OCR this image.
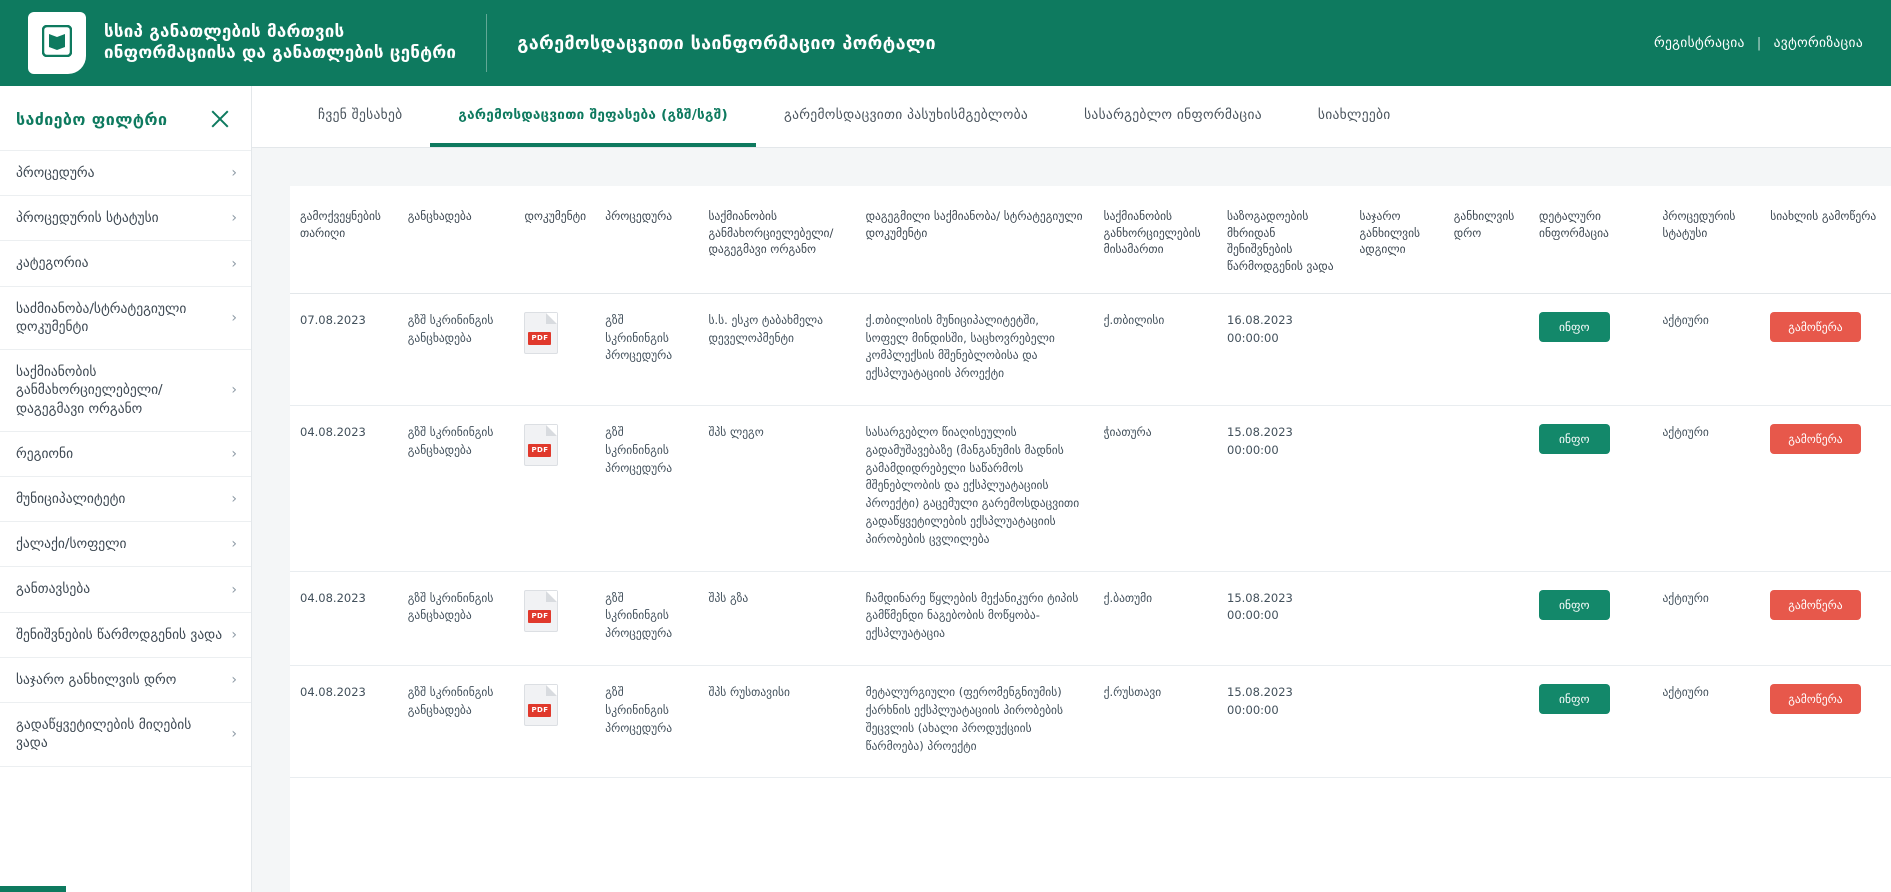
სსიპ განათლების მართვის
ინფორმაციისა და განათლების ცენტრი	გარემოსდაცვითი საინფორმაციო პორტალი	რეგისტრაცია | ავტორიზაცია
საძიებო ფილტრი
პროცედურა	›
პროცედურის სტატუსი	›
კატეგორია	›
საძმიანობა/სტრატეგიული დოკუმენტი
›
საქმიანობის განმახორციელებელი/დაგეგმავი ორგანო
›
რეგიონი	›
მუნიციპალიტეტი	›
ქალაქი/სოფელი	›
განთავსება	›
შენიშვნების წარმოდგენის ვადა ›
საჯარო განხილვის დრო	›
გადაწყვეტილების მიღების ვადა
›
ჩვენ შესახებ	გარემოსდაცვითი შეფასება (გზშ/სგშ)	გარემოსდაცვითი პასუხისმგებლობა	სასარგებლო ინფორმაცია	სიახლეები
გამოქვეყნების თარიღი	განცხადება	დოკუმენტი	პროცედურა	საქმიანობის განმახორციელებელი/ დაგეგმავი ორგანო	დაგეგმილი საქმიანობა/ სტრატეგიული დოკუმენტი	საქმიანობის განხორციელების მისამართი	საზოგადოების მხრიდან შენიშვნების წარმოდგენის ვადა	საჯარო განხილვის ადგილი	განხილვის დრო	დეტალური ინფორმაცია	პროცედურის სტატუსი	სიახლის გამოწერა
07.08.2023	გზშ სკრინინგის განცხადება	PDF	გზშ სკრინინგის პროცედურა	ს.ს. ესკო ტაბახმელა დეველოპმენტი	ქ.თბილისის მუნიციპალიტეტში, სოფელ მინდისში, საცხოვრებელი კომპლექსის მშენებლობისა და ექსპლუატაციის პროექტი	ქ.თბილისი	16.08.2023 00:00:00			ინფო	აქტიური	გამოწერა
04.08.2023	გზშ სკრინინგის განცხადება	PDF	გზშ სკრინინგის პროცედურა	შპს ლეგო	სასარგებლო წიაღისეულის გადამუშავებაზე (მანგანუმის მადნის გამამდიდრებელი საწარმოს მშენებლობის და ექსპლუატაციის პროექტი) გაცემული გარემოსდაცვითი გადაწყვეტილების ექსპლუატაციის პირობების ცვლილება	ჭიათურა	15.08.2023 00:00:00			ინფო	აქტიური	გამოწერა
04.08.2023	გზშ სკრინინგის განცხადება	PDF	გზშ სკრინინგის პროცედურა	შპს გზა	ჩამდინარე წყლების მექანიკური ტიპის გამწმენდი ნაგებობის მოწყობა-ექსპლუატაცია	ქ.ბათუმი	15.08.2023 00:00:00			ინფო	აქტიური	გამოწერა
04.08.2023	გზშ სკრინინგის განცხადება	PDF	გზშ სკრინინგის პროცედურა	შპს რუსთავისი	მეტალურგიული (ფერომენგნიუმის) ქარხნის ექსპლუატაციის პირობების შეცვლის (ახალი პროდუქციის წარმოება) პროექტი	ქ.რუსთავი	15.08.2023 00:00:00			ინფო	აქტიური	გამოწერა
